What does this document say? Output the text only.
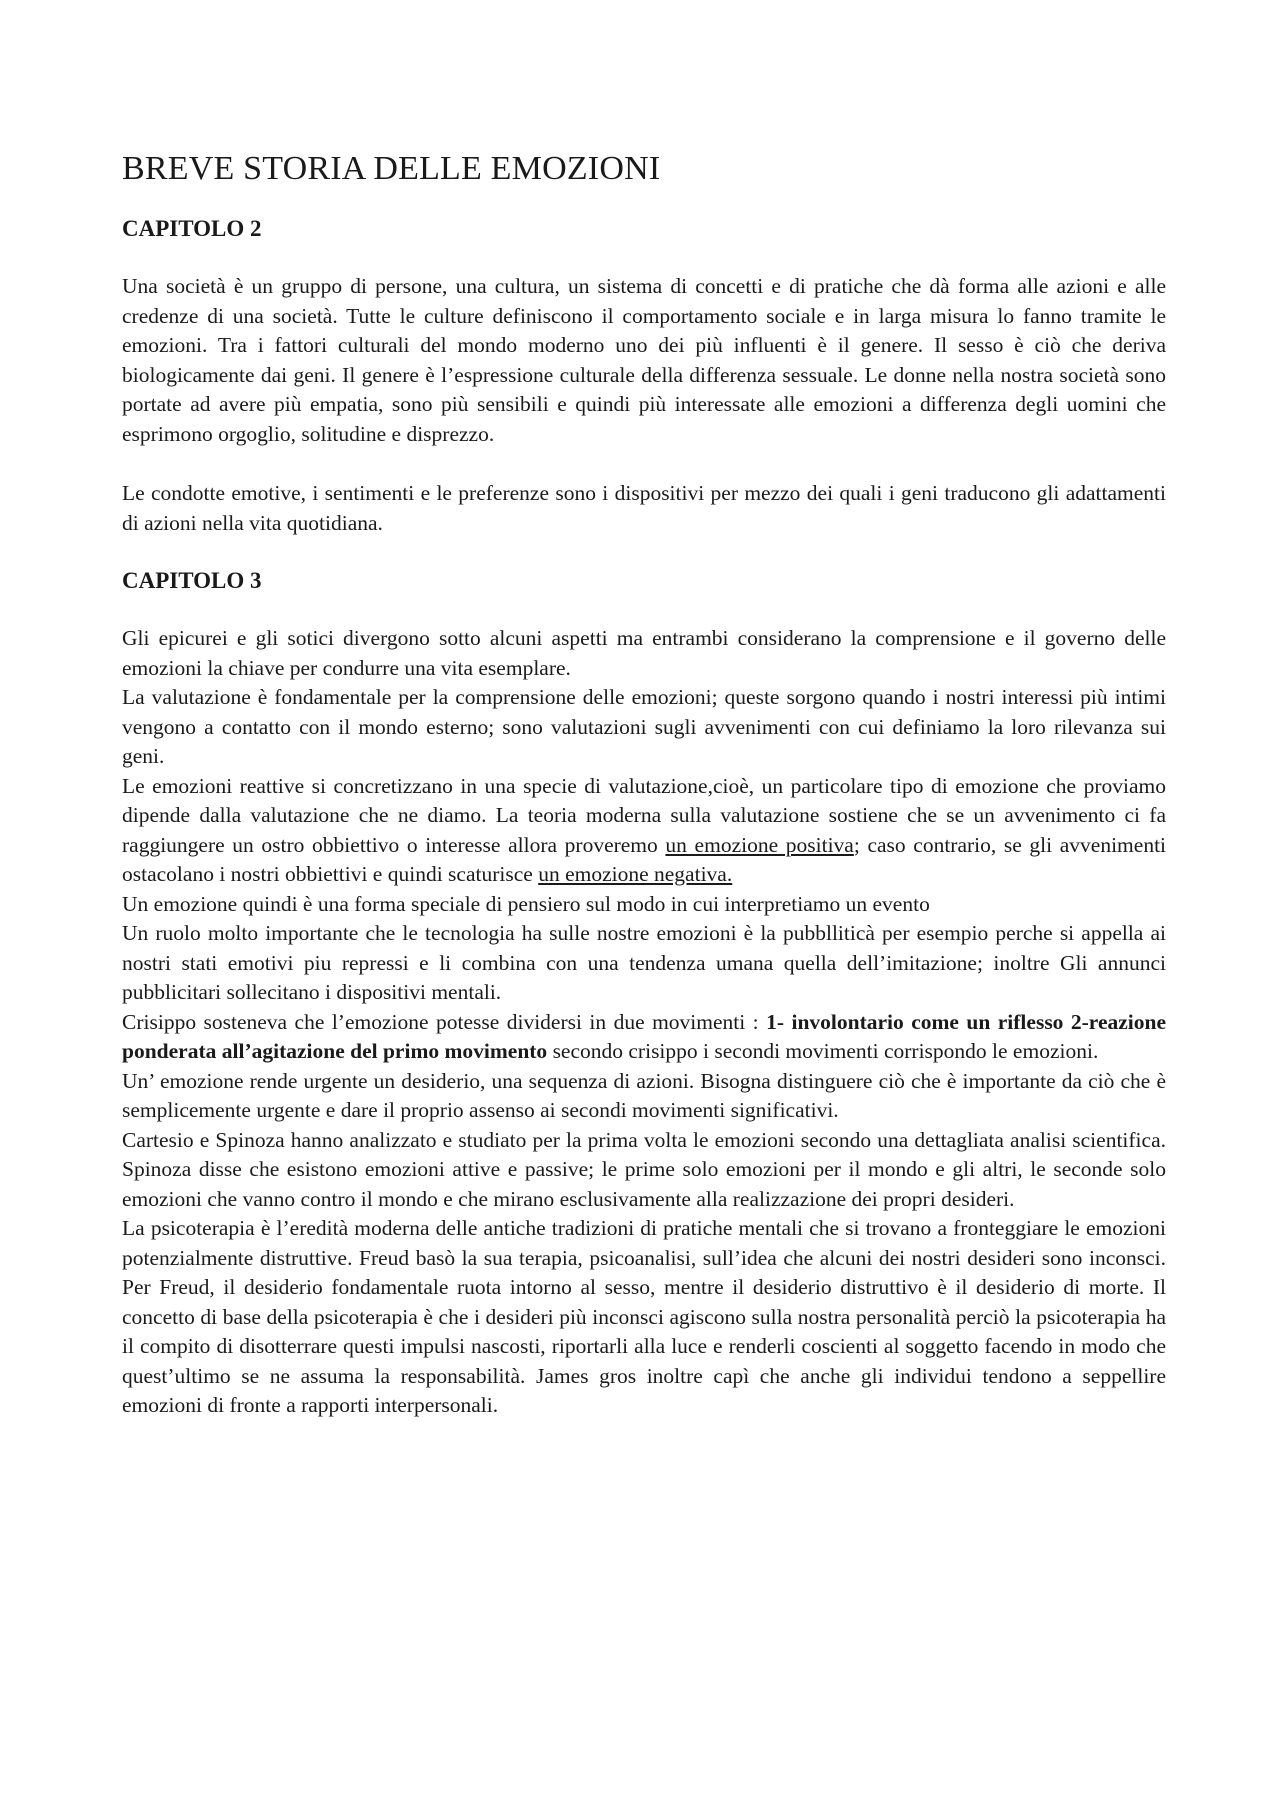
BREVE STORIA DELLE EMOZIONI
CAPITOLO 2

Una società è un gruppo di persone, una cultura, un sistema di concetti e di pratiche che dà forma alle azioni e alle credenze di una società. Tutte le culture definiscono il comportamento sociale e in larga misura lo fanno tramite le emozioni. Tra i fattori culturali del mondo moderno uno dei più influenti è il genere. Il sesso è ciò che deriva biologicamente dai geni. Il genere è l’espressione culturale della differenza sessuale. Le donne nella nostra società sono portate ad avere più empatia, sono più sensibili e quindi più interessate alle emozioni a differenza degli uomini che esprimono orgoglio, solitudine e disprezzo.

Le condotte emotive, i sentimenti e le preferenze sono i dispositivi per mezzo dei quali i geni traducono gli adattamenti di azioni nella vita quotidiana.

CAPITOLO 3

Gli epicurei e gli sotici divergono sotto alcuni aspetti ma entrambi considerano la comprensione e il governo delle emozioni la chiave per condurre una vita esemplare.

La valutazione è fondamentale per la comprensione delle emozioni; queste sorgono quando i nostri interessi più intimi vengono a contatto con il mondo esterno; sono valutazioni sugli avvenimenti con cui definiamo la loro rilevanza sui geni.

Le emozioni reattive si concretizzano in una specie di valutazione,cioè, un particolare tipo di emozione che proviamo dipende dalla valutazione che ne diamo. La teoria moderna sulla valutazione sostiene che se un avvenimento ci fa raggiungere un ostro obbiettivo o interesse allora proveremo un emozione positiva; caso contrario, se gli avvenimenti ostacolano i nostri obbiettivi e quindi scaturisce un emozione negativa.

Un emozione quindi è una forma speciale di pensiero sul modo in cui interpretiamo un evento

Un ruolo molto importante che le tecnologia ha sulle nostre emozioni è la pubblliticà per esempio perche si appella ai nostri stati emotivi piu repressi e li combina con una tendenza umana quella dell’imitazione; inoltre Gli annunci pubblicitari sollecitano i dispositivi mentali.

Crisippo sosteneva che l’emozione potesse dividersi in due movimenti : 1- involontario come un riflesso 2-reazione ponderata all’agitazione del primo movimento secondo crisippo i secondi movimenti corrispondo le emozioni.

Un’ emozione rende urgente un desiderio, una sequenza di azioni. Bisogna distinguere ciò che è importante da ciò che è semplicemente urgente e dare il proprio assenso ai secondi movimenti significativi.

Cartesio e Spinoza hanno analizzato e studiato per la prima volta le emozioni secondo una dettagliata analisi scientifica. Spinoza disse che esistono emozioni attive e passive; le prime solo emozioni per il mondo e gli altri, le seconde solo emozioni che vanno contro il mondo e che mirano esclusivamente alla realizzazione dei propri desideri.

La psicoterapia è l’eredità moderna delle antiche tradizioni di pratiche mentali che si trovano a fronteggiare le emozioni potenzialmente distruttive. Freud basò la sua terapia, psicoanalisi, sull’idea che alcuni dei nostri desideri sono inconsci. Per Freud, il desiderio fondamentale ruota intorno al sesso, mentre il desiderio distruttivo è il desiderio di morte. Il concetto di base della psicoterapia è che i desideri più inconsci agiscono sulla nostra personalità perciò la psicoterapia ha il compito di disotterrare questi impulsi nascosti, riportarli alla luce e renderli coscienti al soggetto facendo in modo che quest’ultimo se ne assuma la responsabilità. James gros inoltre capì che anche gli individui tendono a seppellire emozioni di fronte a rapporti interpersonali.
